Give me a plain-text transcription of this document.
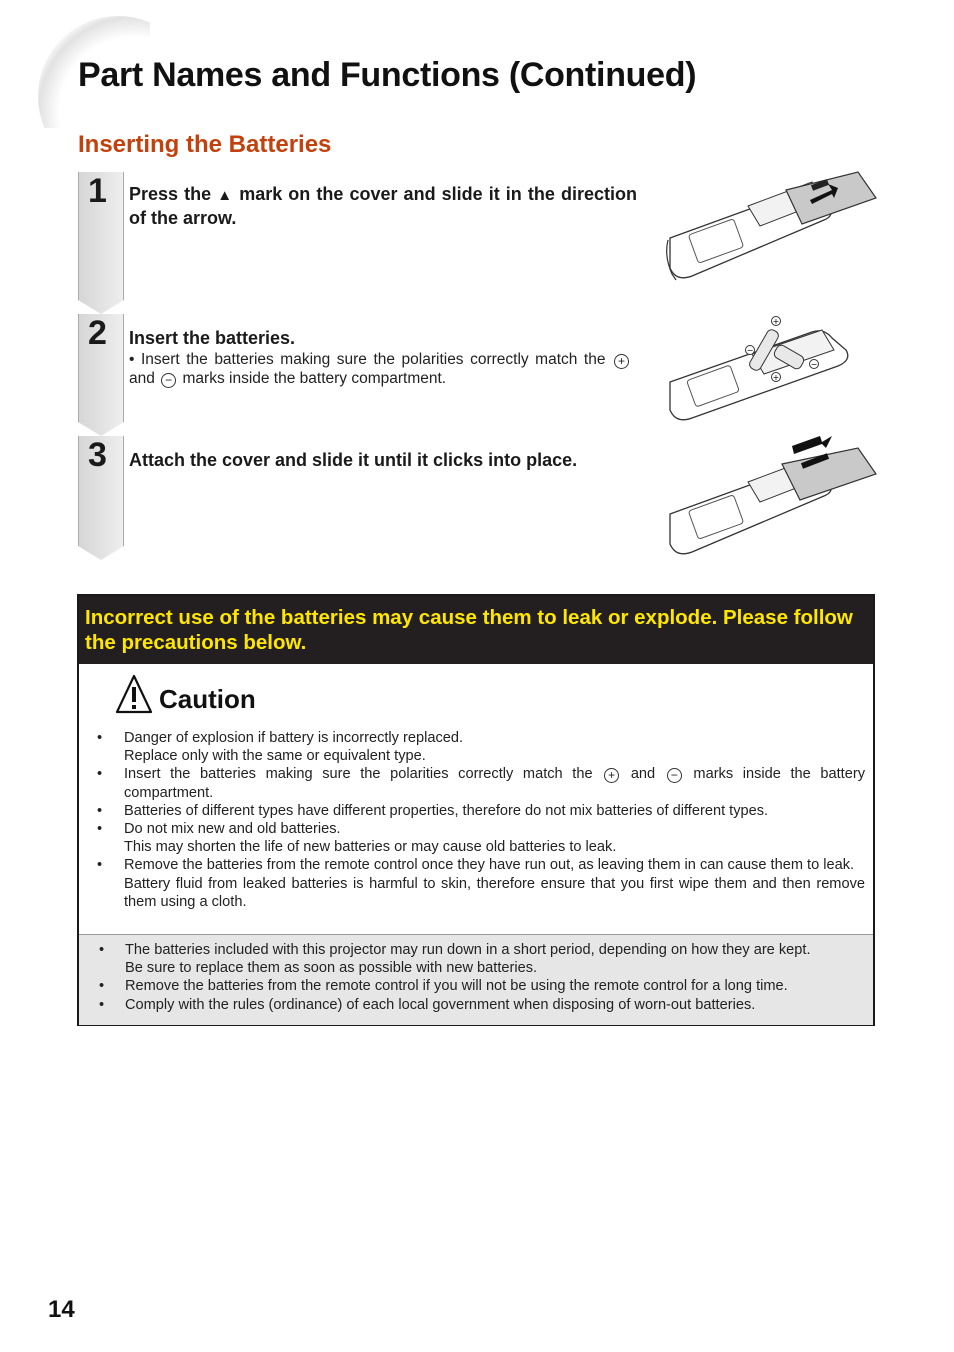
Part Names and Functions (Continued)
Inserting the Batteries
1 Press the ▲ mark on the cover and slide it in the direction of the arrow.
2 Insert the batteries.
• Insert the batteries making sure the polarities correctly match the + and − marks inside the battery compartment.
3 Attach the cover and slide it until it clicks into place.
+
−
+
−
Incorrect use of the batteries may cause them to leak or explode. Please follow the precautions below.
Caution
• Danger of explosion if battery is incorrectly replaced.
Replace only with the same or equivalent type.
• Insert the batteries making sure the polarities correctly match the + and − marks inside the battery compartment.
• Batteries of different types have different properties, therefore do not mix batteries of different types.
• Do not mix new and old batteries.
This may shorten the life of new batteries or may cause old batteries to leak.
• Remove the batteries from the remote control once they have run out, as leaving them in can cause them to leak.
Battery fluid from leaked batteries is harmful to skin, therefore ensure that you first wipe them and then remove them using a cloth.
• The batteries included with this projector may run down in a short period, depending on how they are kept.
Be sure to replace them as soon as possible with new batteries.
• Remove the batteries from the remote control if you will not be using the remote control for a long time.
• Comply with the rules (ordinance) of each local government when disposing of worn-out batteries.
14
